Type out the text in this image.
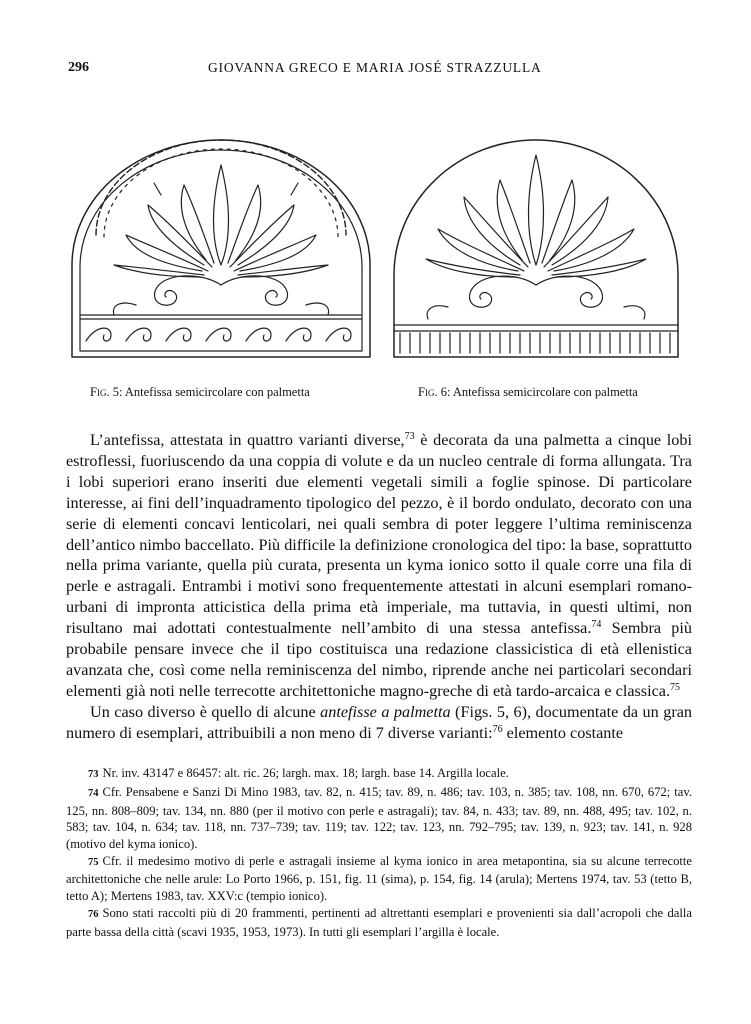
296	GIOVANNA GRECO E MARIA JOSÉ STRAZZULLA
Fig. 5: Antefissa semicircolare con palmetta	Fig. 6: Antefissa semicircolare con palmetta

L’antefissa, attestata in quattro varianti diverse,$^{73}$ è decorata da una palmetta a cinque lobi estroflessi, fuoriuscendo da una coppia di volute e da un nucleo centrale di forma allungata. Tra i lobi superiori erano inseriti due elementi vegetali simili a foglie spinose. Di particolare interesse, ai fini dell’inquadramento tipologico del pezzo, è il bordo ondulato, decorato con una serie di elementi concavi lenticolari, nei quali sembra di poter leggere l’ultima reminiscenza dell’antico nimbo baccellato. Più difficile la definizione cronologica del tipo: la base, soprattutto nella prima variante, quella più curata, presenta un kyma ionico sotto il quale corre una fila di perle e astragali. Entrambi i motivi sono frequentemente attestati in alcuni esemplari romano-urbani di impronta atticistica della prima età imperiale, ma tuttavia, in questi ultimi, non risultano mai adottati contestualmente nell’ambito di una stessa antefissa.$^{74}$ Sembra più probabile pensare invece che il tipo costituisca una redazione classicistica di età ellenistica avanzata che, così come nella reminiscenza del nimbo, riprende anche nei particolari secondari elementi già noti nelle terrecotte architettoniche magno-greche di età tardo-arcaica e classica.$^{75}$

Un caso diverso è quello di alcune antefisse a palmetta (Figs. 5, 6), documentate da un gran numero di esemplari, attribuibili a non meno di 7 diverse varianti:$^{76}$ elemento costante

73 Nr. inv. 43147 e 86457: alt. ric. 26; largh. max. 18; largh. base 14. Argilla locale.

74 Cfr. Pensabene e Sanzi Di Mino 1983, tav. 82, n. 415; tav. 89, n. 486; tav. 103, n. 385; tav. 108, nn. 670, 672; tav. 125, nn. 808–809; tav. 134, nn. 880 (per il motivo con perle e astragali); tav. 84, n. 433; tav. 89, nn. 488, 495; tav. 102, n. 583; tav. 104, n. 634; tav. 118, nn. 737–739; tav. 119; tav. 122; tav. 123, nn. 792–795; tav. 139, n. 923; tav. 141, n. 928 (motivo del kyma ionico).

75 Cfr. il medesimo motivo di perle e astragali insieme al kyma ionico in area metapontina, sia su alcune terrecotte architettoniche che nelle arule: Lo Porto 1966, p. 151, fig. 11 (sima), p. 154, fig. 14 (arula); Mertens 1974, tav. 53 (tetto B, tetto A); Mertens 1983, tav. XXV:c (tempio ionico).

76 Sono stati raccolti più di 20 frammenti, pertinenti ad altrettanti esemplari e provenienti sia dall’acropoli che dalla parte bassa della città (scavi 1935, 1953, 1973). In tutti gli esemplari l’argilla è locale.
